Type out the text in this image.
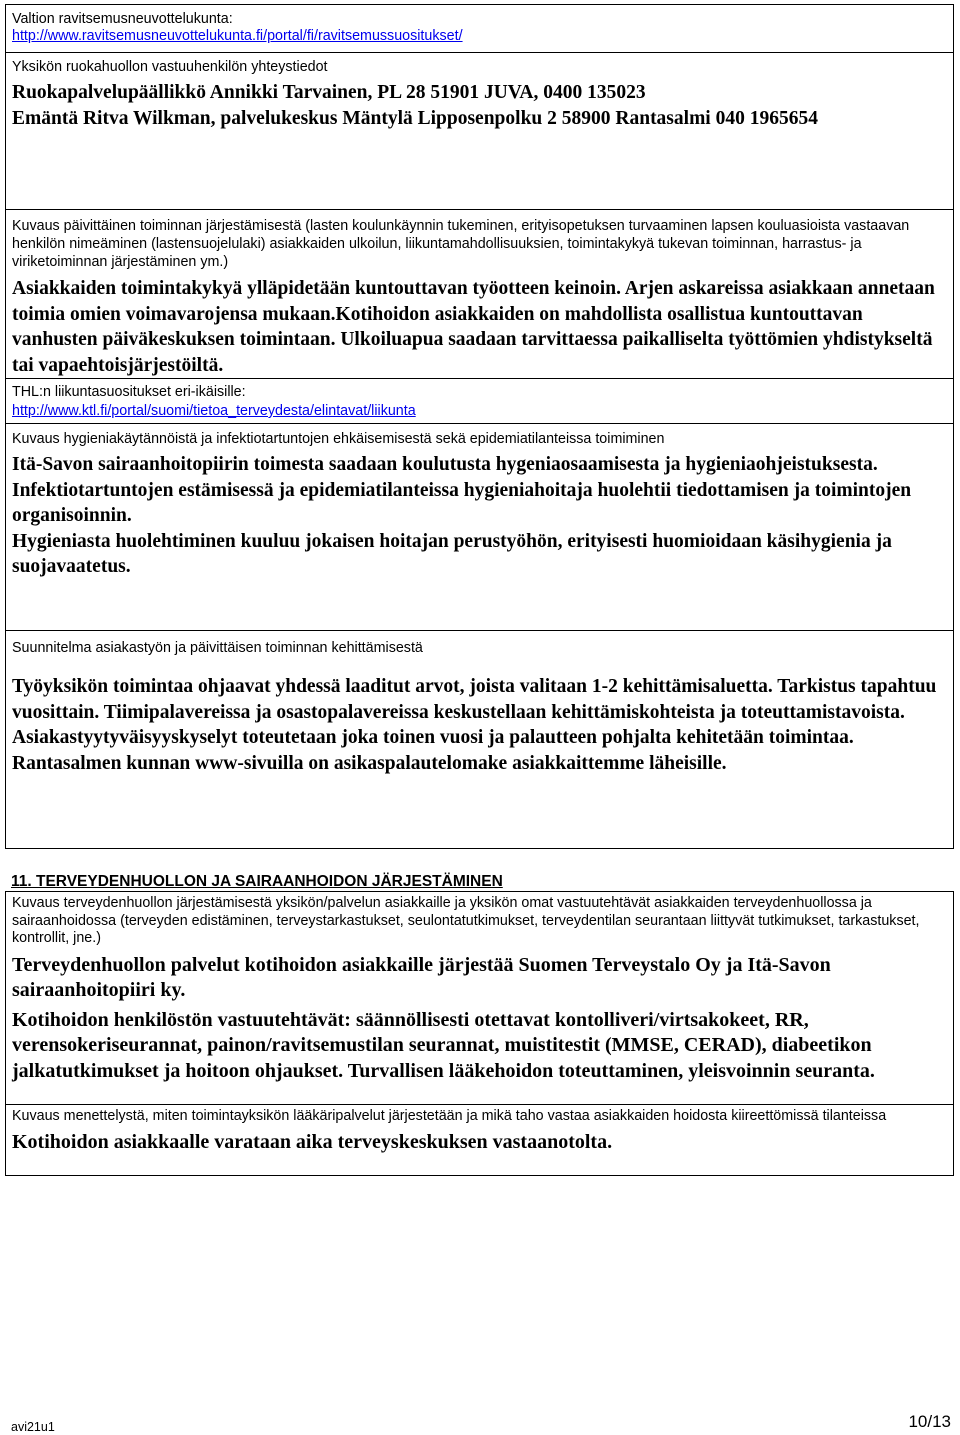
Valtion ravitsemusneuvottelukunta:

http://www.ravitsemusneuvottelukunta.fi/portal/fi/ravitsemussuositukset/

Yksikön ruokahuollon vastuuhenkilön yhteystiedot

Ruokapalvelupäällikkö Annikki Tarvainen, PL 28 51901 JUVA, 0400 135023

Emäntä Ritva Wilkman, palvelukeskus Mäntylä Lipposenpolku 2 58900 Rantasalmi 040 1965654

Kuvaus päivittäinen toiminnan järjestämisestä (lasten koulunkäynnin tukeminen, erityisopetuksen turvaaminen lapsen kouluasioista vastaavan henkilön nimeäminen (lastensuojelulaki) asiakkaiden ulkoilun, liikuntamahdollisuuksien, toimintakykyä tukevan toiminnan, harrastus- ja viriketoiminnan järjestäminen ym.)

Asiakkaiden toimintakykyä ylläpidetään kuntouttavan työotteen keinoin. Arjen askareissa asiakkaan annetaan toimia omien voimavarojensa mukaan.Kotihoidon asiakkaiden on mahdollista osallistua kuntouttavan vanhusten päiväkeskuksen toimintaan. Ulkoiluapua saadaan tarvittaessa paikalliselta työttömien yhdistykseltä tai vapaehtoisjärjestöiltä.

THL:n liikuntasuositukset eri-ikäisille:

http://www.ktl.fi/portal/suomi/tietoa_terveydesta/elintavat/liikunta

Kuvaus hygieniakäytännöistä ja infektiotartuntojen ehkäisemisestä sekä epidemiatilanteissa toimiminen

Itä-Savon sairaanhoitopiirin toimesta saadaan koulutusta hygeniaosaamisesta ja hygieniaohjeistuksesta. Infektiotartuntojen estämisessä ja epidemiatilanteissa hygieniahoitaja huolehtii tiedottamisen ja toimintojen organisoinnin.

Hygieniasta huolehtiminen kuuluu jokaisen hoitajan perustyöhön, erityisesti huomioidaan käsihygienia ja suojavaatetus.

Suunnitelma asiakastyön ja päivittäisen toiminnan kehittämisestä

Työyksikön toimintaa ohjaavat yhdessä laaditut arvot, joista valitaan 1-2 kehittämisaluetta. Tarkistus tapahtuu vuosittain. Tiimipalavereissa ja osastopalavereissa keskustellaan kehittämiskohteista ja toteuttamistavoista. Asiakastyytyväisyyskyselyt toteutetaan joka toinen vuosi ja palautteen pohjalta kehitetään toimintaa. Rantasalmen kunnan www-sivuilla on asikaspalautelomake asiakkaittemme läheisille.

11. TERVEYDENHUOLLON JA SAIRAANHOIDON JÄRJESTÄMINEN

Kuvaus terveydenhuollon järjestämisestä yksikön/palvelun asiakkaille ja yksikön omat vastuutehtävät asiakkaiden terveydenhuollossa ja sairaanhoidossa (terveyden edistäminen, terveystarkastukset, seulontatutkimukset, terveydentilan seurantaan liittyvät tutkimukset, tarkastukset, kontrollit, jne.)

Terveydenhuollon palvelut kotihoidon asiakkaille järjestää Suomen Terveystalo Oy ja Itä-Savon sairaanhoitopiiri ky.

Kotihoidon henkilöstön vastuutehtävät: säännöllisesti otettavat kontolliveri/virtsakokeet, RR, verensokeriseurannat, painon/ravitsemustilan seurannat, muistitestit (MMSE, CERAD), diabeetikon jalkatutkimukset ja hoitoon ohjaukset. Turvallisen lääkehoidon toteuttaminen, yleisvoinnin seuranta.

Kuvaus menettelystä, miten toimintayksikön lääkäripalvelut järjestetään ja mikä taho vastaa asiakkaiden hoidosta kiireettömissä tilanteissa

Kotihoidon asiakkaalle varataan aika terveyskeskuksen vastaanotolta.

avi21u1	10/13
